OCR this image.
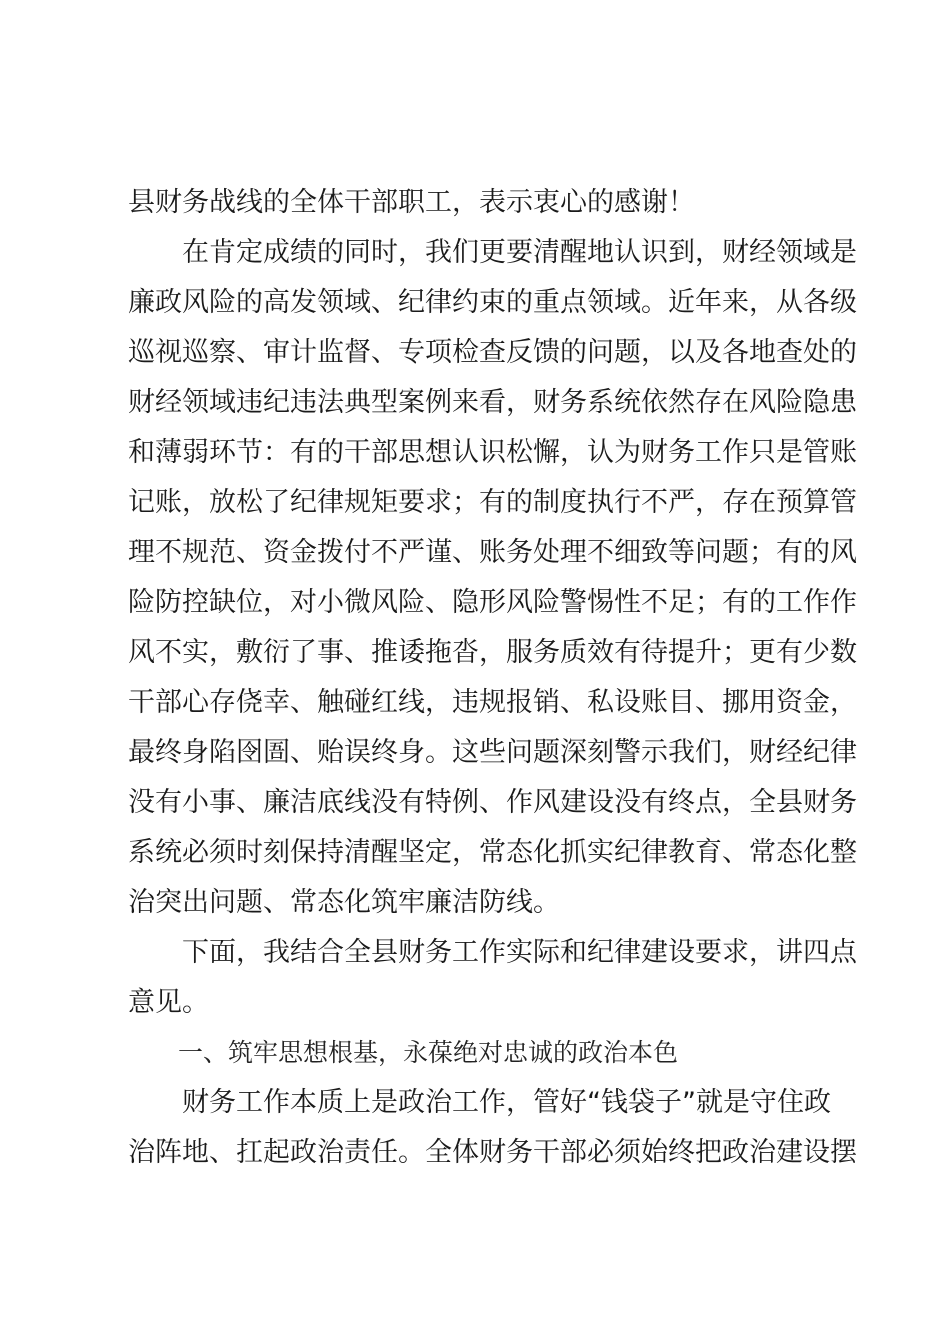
县财务战线的全体干部职工，表示衷心的感谢！
在肯定成绩的同时，我们更要清醒地认识到，财经领域是
廉政风险的高发领域、纪律约束的重点领域。近年来，从各级
巡视巡察、审计监督、专项检查反馈的问题，以及各地查处的
财经领域违纪违法典型案例来看，财务系统依然存在风险隐患
和薄弱环节：有的干部思想认识松懈，认为财务工作只是管账
记账，放松了纪律规矩要求；有的制度执行不严，存在预算管
理不规范、资金拨付不严谨、账务处理不细致等问题；有的风
险防控缺位，对小微风险、隐形风险警惕性不足；有的工作作
风不实，敷衍了事、推诿拖沓，服务质效有待提升；更有少数
干部心存侥幸、触碰红线，违规报销、私设账目、挪用资金，
最终身陷囹圄、贻误终身。这些问题深刻警示我们，财经纪律
没有小事、廉洁底线没有特例、作风建设没有终点，全县财务
系统必须时刻保持清醒坚定，常态化抓实纪律教育、常态化整
治突出问题、常态化筑牢廉洁防线。
下面，我结合全县财务工作实际和纪律建设要求，讲四点
意见。
一、筑牢思想根基，永葆绝对忠诚的政治本色
财务工作本质上是政治工作，管好“钱袋子”就是守住政
治阵地、扛起政治责任。全体财务干部必须始终把政治建设摆
